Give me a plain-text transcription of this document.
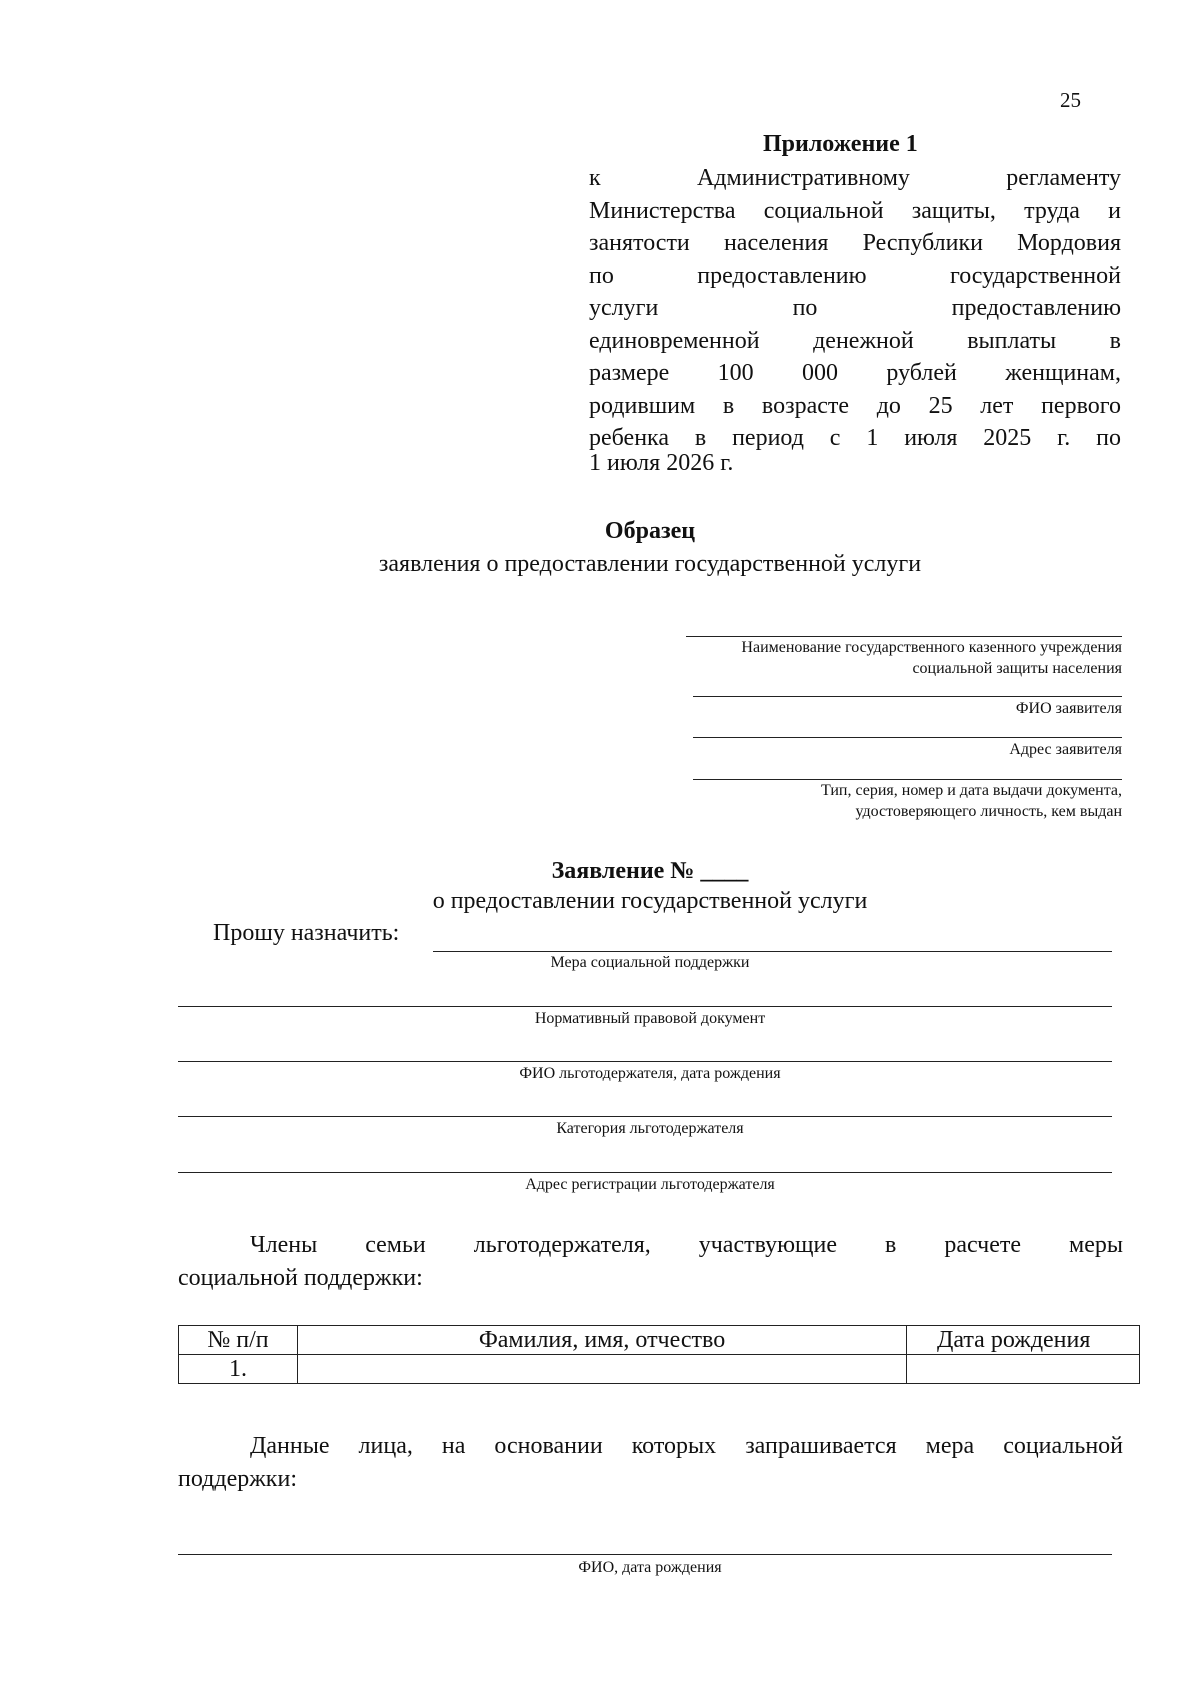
25
Приложение 1
к Административному регламенту
Министерства социальной защиты, труда и
занятости населения Республики Мордовия
по предоставлению государственной
услуги по предоставлению
единовременной денежной выплаты в
размере 100 000 рублей женщинам,
родившим в возрасте до 25 лет первого
ребенка в период с 1 июля 2025 г. по
1 июля 2026 г.
Образец
заявления о предоставлении государственной услуги
Наименование государственного казенного учреждения
социальной защиты населения
ФИО заявителя
Адрес заявителя
Тип, серия, номер и дата выдачи документа,
удостоверяющего личность, кем выдан
Заявление № ____
о предоставлении государственной услуги
Прошу назначить:
Мера социальной поддержки
Нормативный правовой документ
ФИО льготодержателя, дата рождения
Категория льготодержателя
Адрес регистрации льготодержателя
Члены семьи льготодержателя, участвующие в расчете меры
социальной поддержки:
№ п/п	Фамилия, имя, отчество	Дата рождения
1.		
Данные лица, на основании которых запрашивается мера социальной
поддержки:
ФИО, дата рождения
